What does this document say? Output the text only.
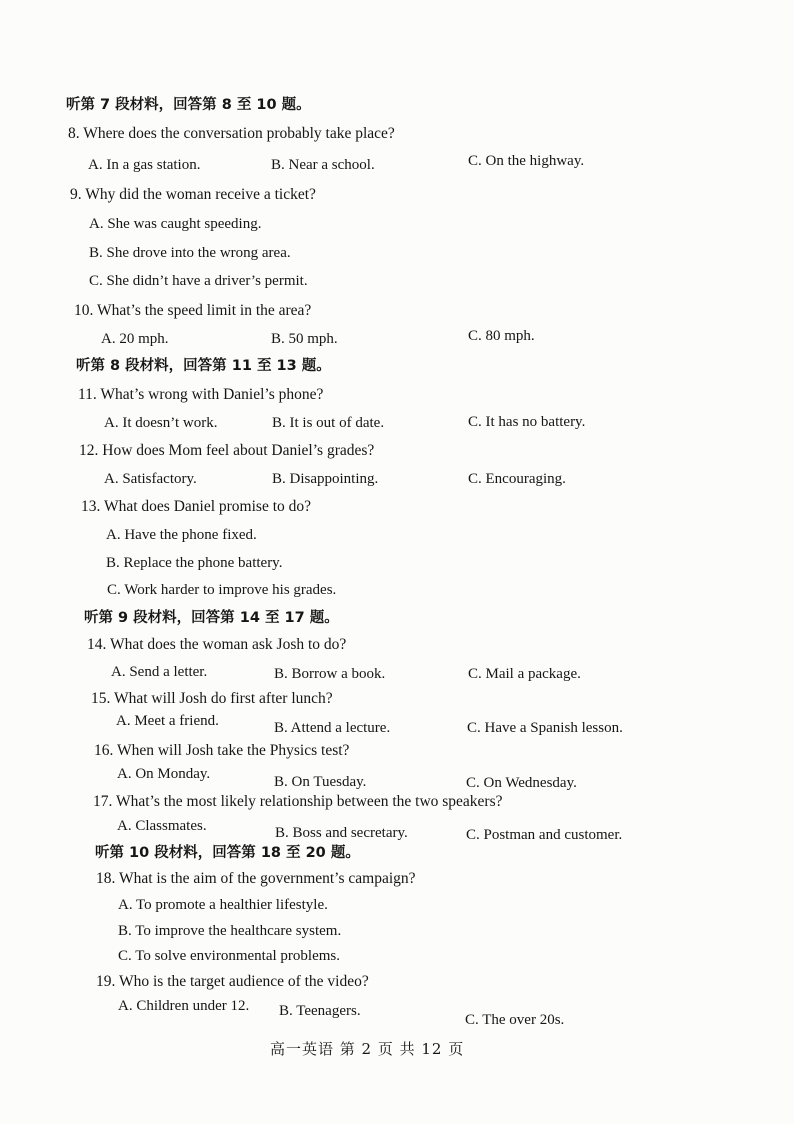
听第 7 段材料，回答第 8 至 10 题。
8. Where does the conversation probably take place?
A. In a gas station.	B. Near a school.	C. On the highway.
9. Why did the woman receive a ticket?
A. She was caught speeding.
B. She drove into the wrong area.
C. She didn’t have a driver’s permit.
10. What’s the speed limit in the area?
A. 20 mph.	B. 50 mph.	C. 80 mph.
听第 8 段材料，回答第 11 至 13 题。
11. What’s wrong with Daniel’s phone?
A. It doesn’t work.	B. It is out of date.	C. It has no battery.
12. How does Mom feel about Daniel’s grades?
A. Satisfactory.	B. Disappointing.	C. Encouraging.
13. What does Daniel promise to do?
A. Have the phone fixed.
B. Replace the phone battery.
C. Work harder to improve his grades.
听第 9 段材料，回答第 14 至 17 题。
14. What does the woman ask Josh to do?
A. Send a letter.	B. Borrow a book.	C. Mail a package.
15. What will Josh do first after lunch?
A. Meet a friend.	B. Attend a lecture.	C. Have a Spanish lesson.
16. When will Josh take the Physics test?
A. On Monday.	B. On Tuesday.	C. On Wednesday.
17. What’s the most likely relationship between the two speakers?
A. Classmates.	B. Boss and secretary.	C. Postman and customer.
听第 10 段材料，回答第 18 至 20 题。
18. What is the aim of the government’s campaign?
A. To promote a healthier lifestyle.
B. To improve the healthcare system.
C. To solve environmental problems.
19. Who is the target audience of the video?
A. Children under 12. B. Teenagers.
C. The over 20s.
高一英语 第 2 页 共 12 页
